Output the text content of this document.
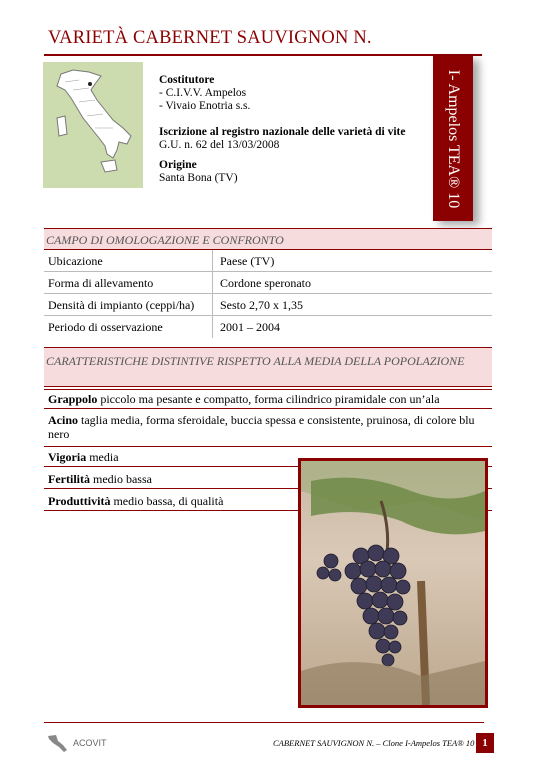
VARIETÀ CABERNET SAUVIGNON N.
Costitutore
- C.I.V.V. Ampelos
- Vivaio Enotria s.s.
Iscrizione al registro nazionale delle varietà di vite
G.U. n. 62 del 13/03/2008
Origine
Santa Bona (TV)	I- Ampelos TEA® 10
CAMPO DI OMOLOGAZIONE E CONFRONTO
Ubicazione	Paese (TV)
Forma di allevamento	Cordone speronato
Densità di impianto (ceppi/ha) Sesto 2,70 x 1,35
Periodo di osservazione	2001 – 2004
CARATTERISTICHE DISTINTIVE RISPETTO ALLA MEDIA DELLA POPOLAZIONE
Grappolo piccolo ma pesante e compatto, forma cilindrico piramidale con un’ala
Acino taglia media, forma sferoidale, buccia spessa e consistente, pruinosa, di colore blu nero
Vigoria media
Fertilità medio bassa
Produttività medio bassa, di qualità
ACOVIT	CABERNET SAUVIGNON N. – Clone I-Ampelos TEA® 10 1
